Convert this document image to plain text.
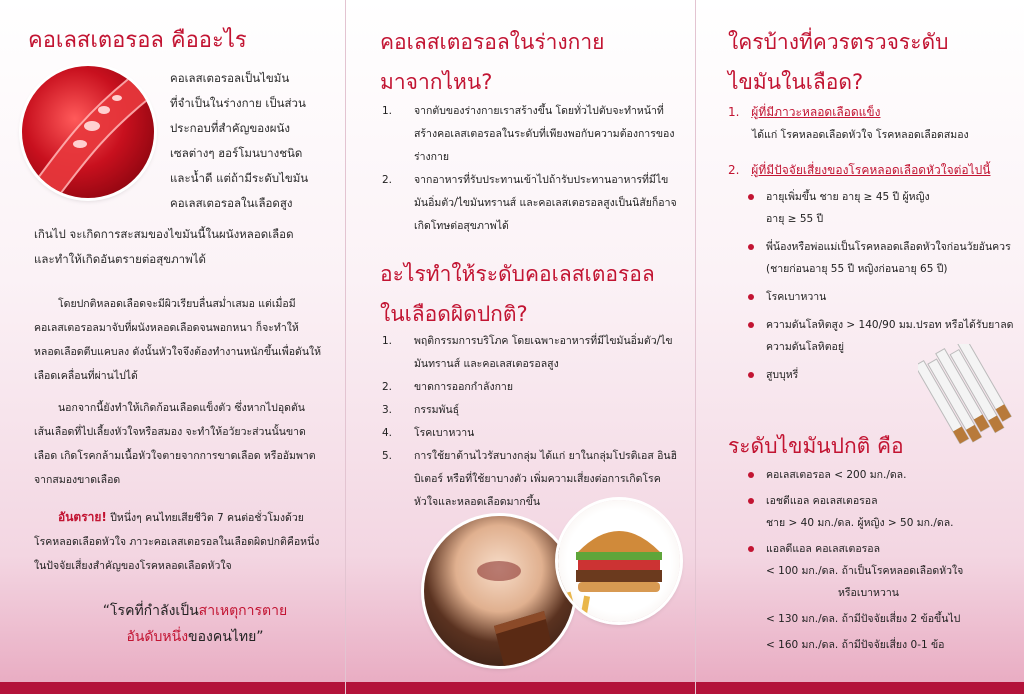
คอเลสเตอรอล คืออะไร
คอเลสเตอรอลเป็นไขมัน
ที่จำเป็นในร่างกาย เป็นส่วน
ประกอบที่สำคัญของผนัง
เซลต่างๆ ฮอร์โมนบางชนิด
และน้ำดี แต่ถ้ามีระดับไขมัน
คอเลสเตอรอลในเลือดสูง
เกินไป จะเกิดการสะสมของไขมันนี้ในผนังหลอดเลือด
และทำให้เกิดอันตรายต่อสุขภาพได้

โดยปกติหลอดเลือดจะมีผิวเรียบลื่นสม่ำเสมอ แต่เมื่อมีคอเลสเตอรอลมาจับที่ผนังหลอดเลือดจนพอกหนา ก็จะทำให้หลอดเลือดตีบแคบลง ดังนั้นหัวใจจึงต้องทำงานหนักขึ้นเพื่อดันให้เลือดเคลื่อนที่ผ่านไปได้

นอกจากนี้ยังทำให้เกิดก้อนเลือดแข็งตัว ซึ่งหากไปอุดตันเส้นเลือดที่ไปเลี้ยงหัวใจหรือสมอง จะทำให้อวัยวะส่วนนั้นขาดเลือด เกิดโรคกล้ามเนื้อหัวใจตายจากการขาดเลือด หรืออัมพาตจากสมองขาดเลือด

อันตราย! ปีหนึ่งๆ คนไทยเสียชีวิต 7 คนต่อชั่วโมงด้วยโรคหลอดเลือดหัวใจ ภาวะคอเลสเตอรอลในเลือดผิดปกติคือหนึ่งในปัจจัยเสี่ยงสำคัญของโรคหลอดเลือดหัวใจ

“โรคที่กำลังเป็นสาเหตุการตาย
อันดับหนึ่งของคนไทย”
คอเลสเตอรอลในร่างกาย
มาจากไหน?
1. จากตับของร่างกายเราสร้างขึ้น โดยทั่วไปตับจะทำหน้าที่สร้างคอเลสเตอรอลในระดับที่เพียงพอกับความต้องการของร่างกาย
2. จากอาหารที่รับประทานเข้าไปถ้ารับประทานอาหารที่มีไขมันอิ่มตัว/ไขมันทรานส์ และคอเลสเตอรอลสูงเป็นนิสัยก็อาจเกิดโทษต่อสุขภาพได้
อะไรทำให้ระดับคอเลสเตอรอล
ในเลือดผิดปกติ?
1. พฤติกรรมการบริโภค โดยเฉพาะอาหารที่มีไขมันอิ่มตัว/ไขมันทรานส์ และคอเลสเตอรอลสูง
2. ขาดการออกกำลังกาย
3. กรรมพันธุ์
4. โรคเบาหวาน
5. การใช้ยาต้านไวรัสบางกลุ่ม ได้แก่ ยาในกลุ่มโปรติเอส อินฮิบิเตอร์ หรือที่ใช้ยาบางตัว เพิ่มความเสี่ยงต่อการเกิดโรคหัวใจและหลอดเลือดมากขึ้น
ใครบ้างที่ควรตรวจระดับ
ไขมันในเลือด?
1. ผู้ที่มีภาวะหลอดเลือดแข็ง
ได้แก่ โรคหลอดเลือดหัวใจ โรคหลอดเลือดสมอง
2. ผู้ที่มีปัจจัยเสี่ยงของโรคหลอดเลือดหัวใจต่อไปนี้
อายุเพิ่มขึ้น ชาย อายุ ≥ 45 ปี ผู้หญิง อายุ ≥ 55 ปี
พี่น้องหรือพ่อแม่เป็นโรคหลอดเลือดหัวใจก่อนวัยอันควร (ชายก่อนอายุ 55 ปี หญิงก่อนอายุ 65 ปี)
โรคเบาหวาน
ความดันโลหิตสูง > 140/90 มม.ปรอท หรือได้รับยาลดความดันโลหิตอยู่
สูบบุหรี่
ระดับไขมันปกติ คือ
คอเลสเตอรอล < 200 มก./ดล.
เอชดีแอล คอเลสเตอรอล
ชาย > 40 มก./ดล. ผู้หญิง > 50 มก./ดล.
แอลดีแอล คอเลสเตอรอล
< 100 มก./ดล. ถ้าเป็นโรคหลอดเลือดหัวใจ
หรือเบาหวาน
< 130 มก./ดล. ถ้ามีปัจจัยเสี่ยง 2 ข้อขึ้นไป
< 160 มก./ดล. ถ้ามีปัจจัยเสี่ยง 0-1 ข้อ
